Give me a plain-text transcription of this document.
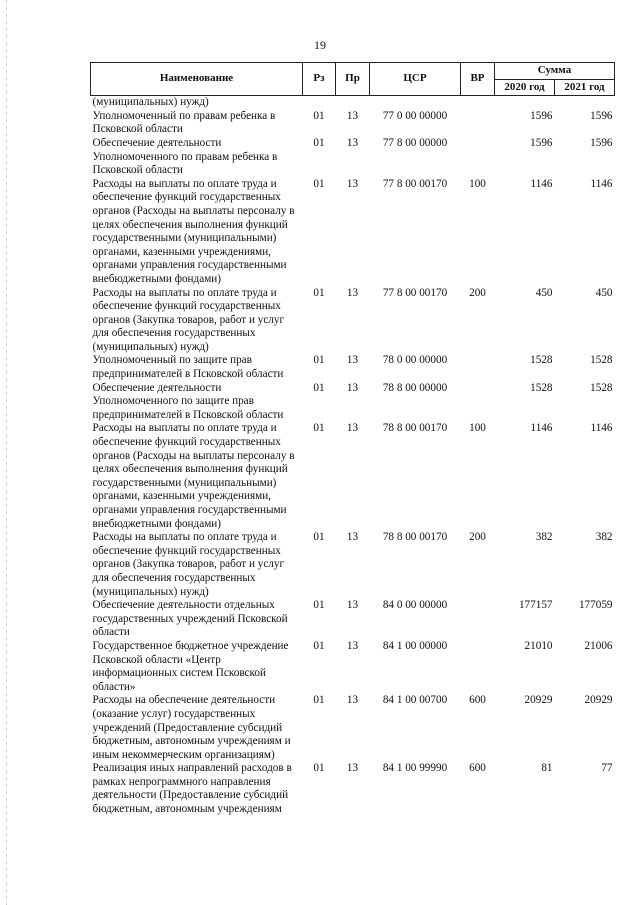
19
Наименование	Рз	Пр	ЦСР	ВР	Сумма	
					2020 год	2021 год
(муниципальных) нужд)						
Уполномоченный по правам ребенка в Псковской области	01	13	77 0 00 00000		1596	1596
Обеспечение деятельности Уполномоченного по правам ребенка в Псковской области	01	13	77 8 00 00000		1596	1596
Расходы на выплаты по оплате труда и обеспечение функций государственных органов (Расходы на выплаты персоналу в целях обеспечения выполнения функций государственными (муниципальными) органами, казенными учреждениями, органами управления государственными внебюджетными фондами)	01	13	77 8 00 00170	100	1146	1146
Расходы на выплаты по оплате труда и обеспечение функций государственных органов (Закупка товаров, работ и услуг для обеспечения государственных (муниципальных) нужд)	01	13	77 8 00 00170	200	450	450
Уполномоченный по защите прав предпринимателей в Псковской области	01	13	78 0 00 00000		1528	1528
Обеспечение деятельности Уполномоченного по защите прав предпринимателей в Псковской области	01	13	78 8 00 00000		1528	1528
Расходы на выплаты по оплате труда и обеспечение функций государственных органов (Расходы на выплаты персоналу в целях обеспечения выполнения функций государственными (муниципальными) органами, казенными учреждениями, органами управления государственными внебюджетными фондами)	01	13	78 8 00 00170	100	1146	1146
Расходы на выплаты по оплате труда и обеспечение функций государственных органов (Закупка товаров, работ и услуг для обеспечения государственных (муниципальных) нужд)	01	13	78 8 00 00170	200	382	382
Обеспечение деятельности отдельных государственных учреждений Псковской области	01	13	84 0 00 00000		177157	177059
Государственное бюджетное учреждение Псковской области «Центр информационных систем Псковской области»	01	13	84 1 00 00000		21010	21006
Расходы на обеспечение деятельности (оказание услуг) государственных учреждений (Предоставление субсидий бюджетным, автономным учреждениям и иным некоммерческим организациям)	01	13	84 1 00 00700	600	20929	20929
Реализация иных направлений расходов в рамках непрограммного направления деятельности (Предоставление субсидий бюджетным, автономным учреждениям	01	13	84 1 00 99990	600	81	77
